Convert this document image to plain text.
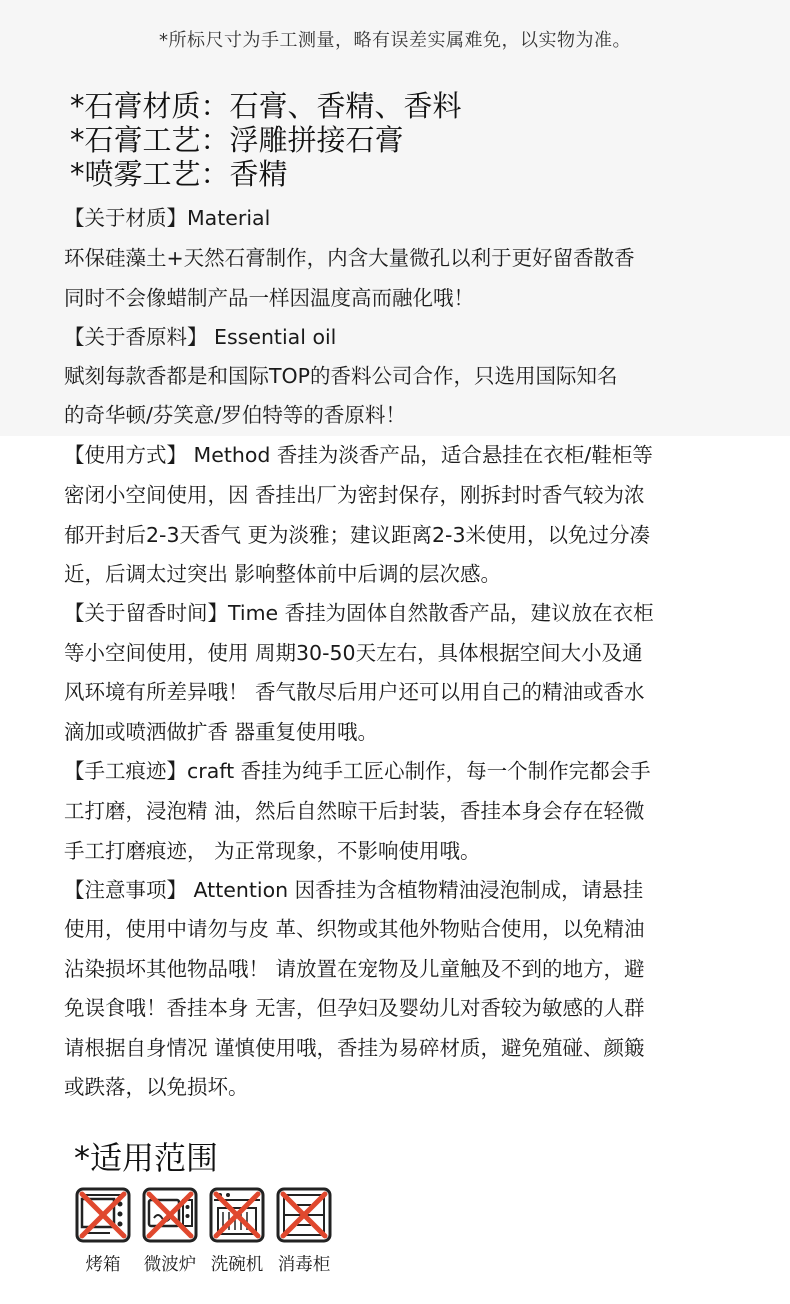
*所标尺寸为手工测量，略有误差实属难免，以实物为准。
*石膏材质：石膏、香精、香料
*石膏工艺：浮雕拼接石膏
*喷雾工艺：香精
【关于材质】Material
环保硅藻土+天然石膏制作，内含大量微孔以利于更好留香散香
同时不会像蜡制产品一样因温度高而融化哦！
【关于香原料】 Essential oil
赋刻每款香都是和国际TOP的香料公司合作，只选用国际知名
的奇华顿/芬笑意/罗伯特等的香原料！
【使用方式】 Method 香挂为淡香产品，适合悬挂在衣柜/鞋柜等
密闭小空间使用，因 香挂出厂为密封保存，刚拆封时香气较为浓
郁开封后2-3天香气 更为淡雅；建议距离2-3米使用，以免过分凑
近，后调太过突出 影响整体前中后调的层次感。
【关于留香时间】Time 香挂为固体自然散香产品，建议放在衣柜
等小空间使用，使用 周期30-50天左右，具体根据空间大小及通
风环境有所差异哦！ 香气散尽后用户还可以用自己的精油或香水
滴加或喷洒做扩香 器重复使用哦。
【手工痕迹】craft 香挂为纯手工匠心制作，每一个制作完都会手
工打磨，浸泡精 油，然后自然晾干后封装，香挂本身会存在轻微
手工打磨痕迹， 为正常现象，不影响使用哦。
【注意事项】 Attention 因香挂为含植物精油浸泡制成，请悬挂
使用，使用中请勿与皮 革、织物或其他外物贴合使用，以免精油
沾染损坏其他物品哦！ 请放置在宠物及儿童触及不到的地方，避
免误食哦！香挂本身 无害，但孕妇及婴幼儿对香较为敏感的人群
请根据自身情况 谨慎使用哦，香挂为易碎材质，避免殖碰、颜簸
或跌落，以免损坏。
*适用范围
烤箱	微波炉 洗碗机 消毒柜
